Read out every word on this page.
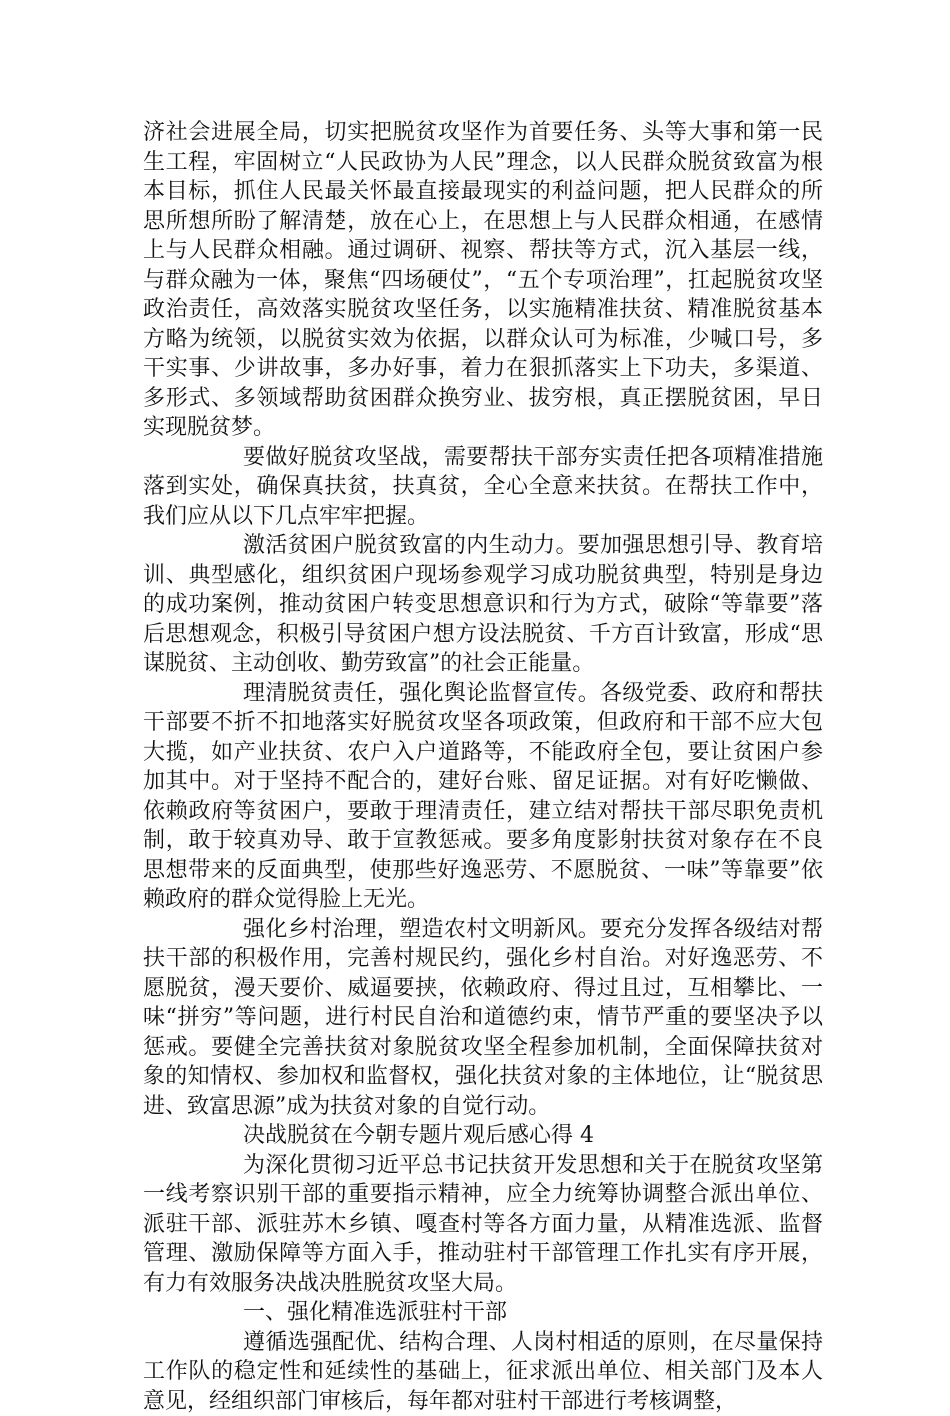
济社会进展全局，切实把脱贫攻坚作为首要任务、头等大事和第一民生工程，牢固树立“人民政协为人民”理念，以人民群众脱贫致富为根本目标，抓住人民最关怀最直接最现实的利益问题，把人民群众的所思所想所盼了解清楚，放在心上，在思想上与人民群众相通，在感情上与人民群众相融。通过调研、视察、帮扶等方式，沉入基层一线，与群众融为一体，聚焦“四场硬仗”，“五个专项治理”，扛起脱贫攻坚政治责任，高效落实脱贫攻坚任务，以实施精准扶贫、精准脱贫基本方略为统领，以脱贫实效为依据，以群众认可为标准，少喊口号，多干实事、少讲故事，多办好事，着力在狠抓落实上下功夫，多渠道、多形式、多领域帮助贫困群众换穷业、拔穷根，真正摆脱贫困，早日实现脱贫梦。

要做好脱贫攻坚战，需要帮扶干部夯实责任把各项精准措施落到实处，确保真扶贫，扶真贫，全心全意来扶贫。在帮扶工作中，我们应从以下几点牢牢把握。

激活贫困户脱贫致富的内生动力。要加强思想引导、教育培训、典型感化，组织贫困户现场参观学习成功脱贫典型，特别是身边的成功案例，推动贫困户转变思想意识和行为方式，破除“等靠要”落后思想观念，积极引导贫困户想方设法脱贫、千方百计致富，形成“思谋脱贫、主动创收、勤劳致富”的社会正能量。

理清脱贫责任，强化舆论监督宣传。各级党委、政府和帮扶干部要不折不扣地落实好脱贫攻坚各项政策，但政府和干部不应大包大揽，如产业扶贫、农户入户道路等，不能政府全包，要让贫困户参加其中。对于坚持不配合的，建好台账、留足证据。对有好吃懒做、依赖政府等贫困户，要敢于理清责任，建立结对帮扶干部尽职免责机制，敢于较真劝导、敢于宣教惩戒。要多角度影射扶贫对象存在不良思想带来的反面典型，使那些好逸恶劳、不愿脱贫、一味”等靠要”依赖政府的群众觉得脸上无光。

强化乡村治理，塑造农村文明新风。要充分发挥各级结对帮扶干部的积极作用，完善村规民约，强化乡村自治。对好逸恶劳、不愿脱贫，漫天要价、威逼要挟，依赖政府、得过且过，互相攀比、一味“拼穷”等问题，进行村民自治和道德约束，情节严重的要坚决予以惩戒。要健全完善扶贫对象脱贫攻坚全程参加机制，全面保障扶贫对象的知情权、参加权和监督权，强化扶贫对象的主体地位，让“脱贫思进、致富思源”成为扶贫对象的自觉行动。

决战脱贫在今朝专题片观后感心得 4

为深化贯彻习近平总书记扶贫开发思想和关于在脱贫攻坚第一线考察识别干部的重要指示精神，应全力统筹协调整合派出单位、派驻干部、派驻苏木乡镇、嘎查村等各方面力量，从精准选派、监督管理、激励保障等方面入手，推动驻村干部管理工作扎实有序开展，有力有效服务决战决胜脱贫攻坚大局。

一、强化精准选派驻村干部

遵循选强配优、结构合理、人岗村相适的原则，在尽量保持工作队的稳定性和延续性的基础上，征求派出单位、相关部门及本人意见，经组织部门审核后，每年都对驻村干部进行考核调整，
